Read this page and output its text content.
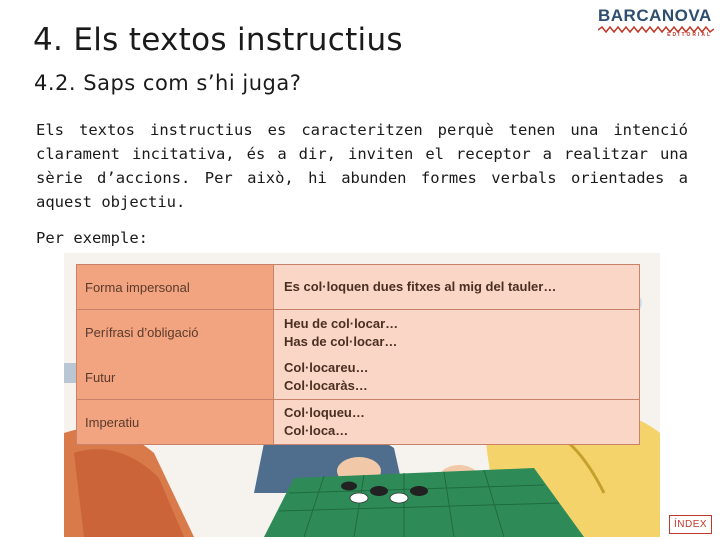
4. Els textos instructius
BARCANOVA
EDITORIAL
4.2. Saps com s’hi juga?
Els textos instructius es caracteritzen perquè tenen una intenció clarament incitativa, és a dir, inviten el receptor a realitzar una sèrie d’accions. Per això, hi abunden formes verbals orientades a aquest objectiu.
Per exemple:
Forma impersonal	Es col·loquen dues fitxes al mig del tauler…
Perífrasi d’obligació
Heu de col·locar…
Has de col·locar…
Futur
Col·locareu…
Col·locaràs…
Imperatiu
Col·loqueu…
Col·loca…
ÍNDEX
